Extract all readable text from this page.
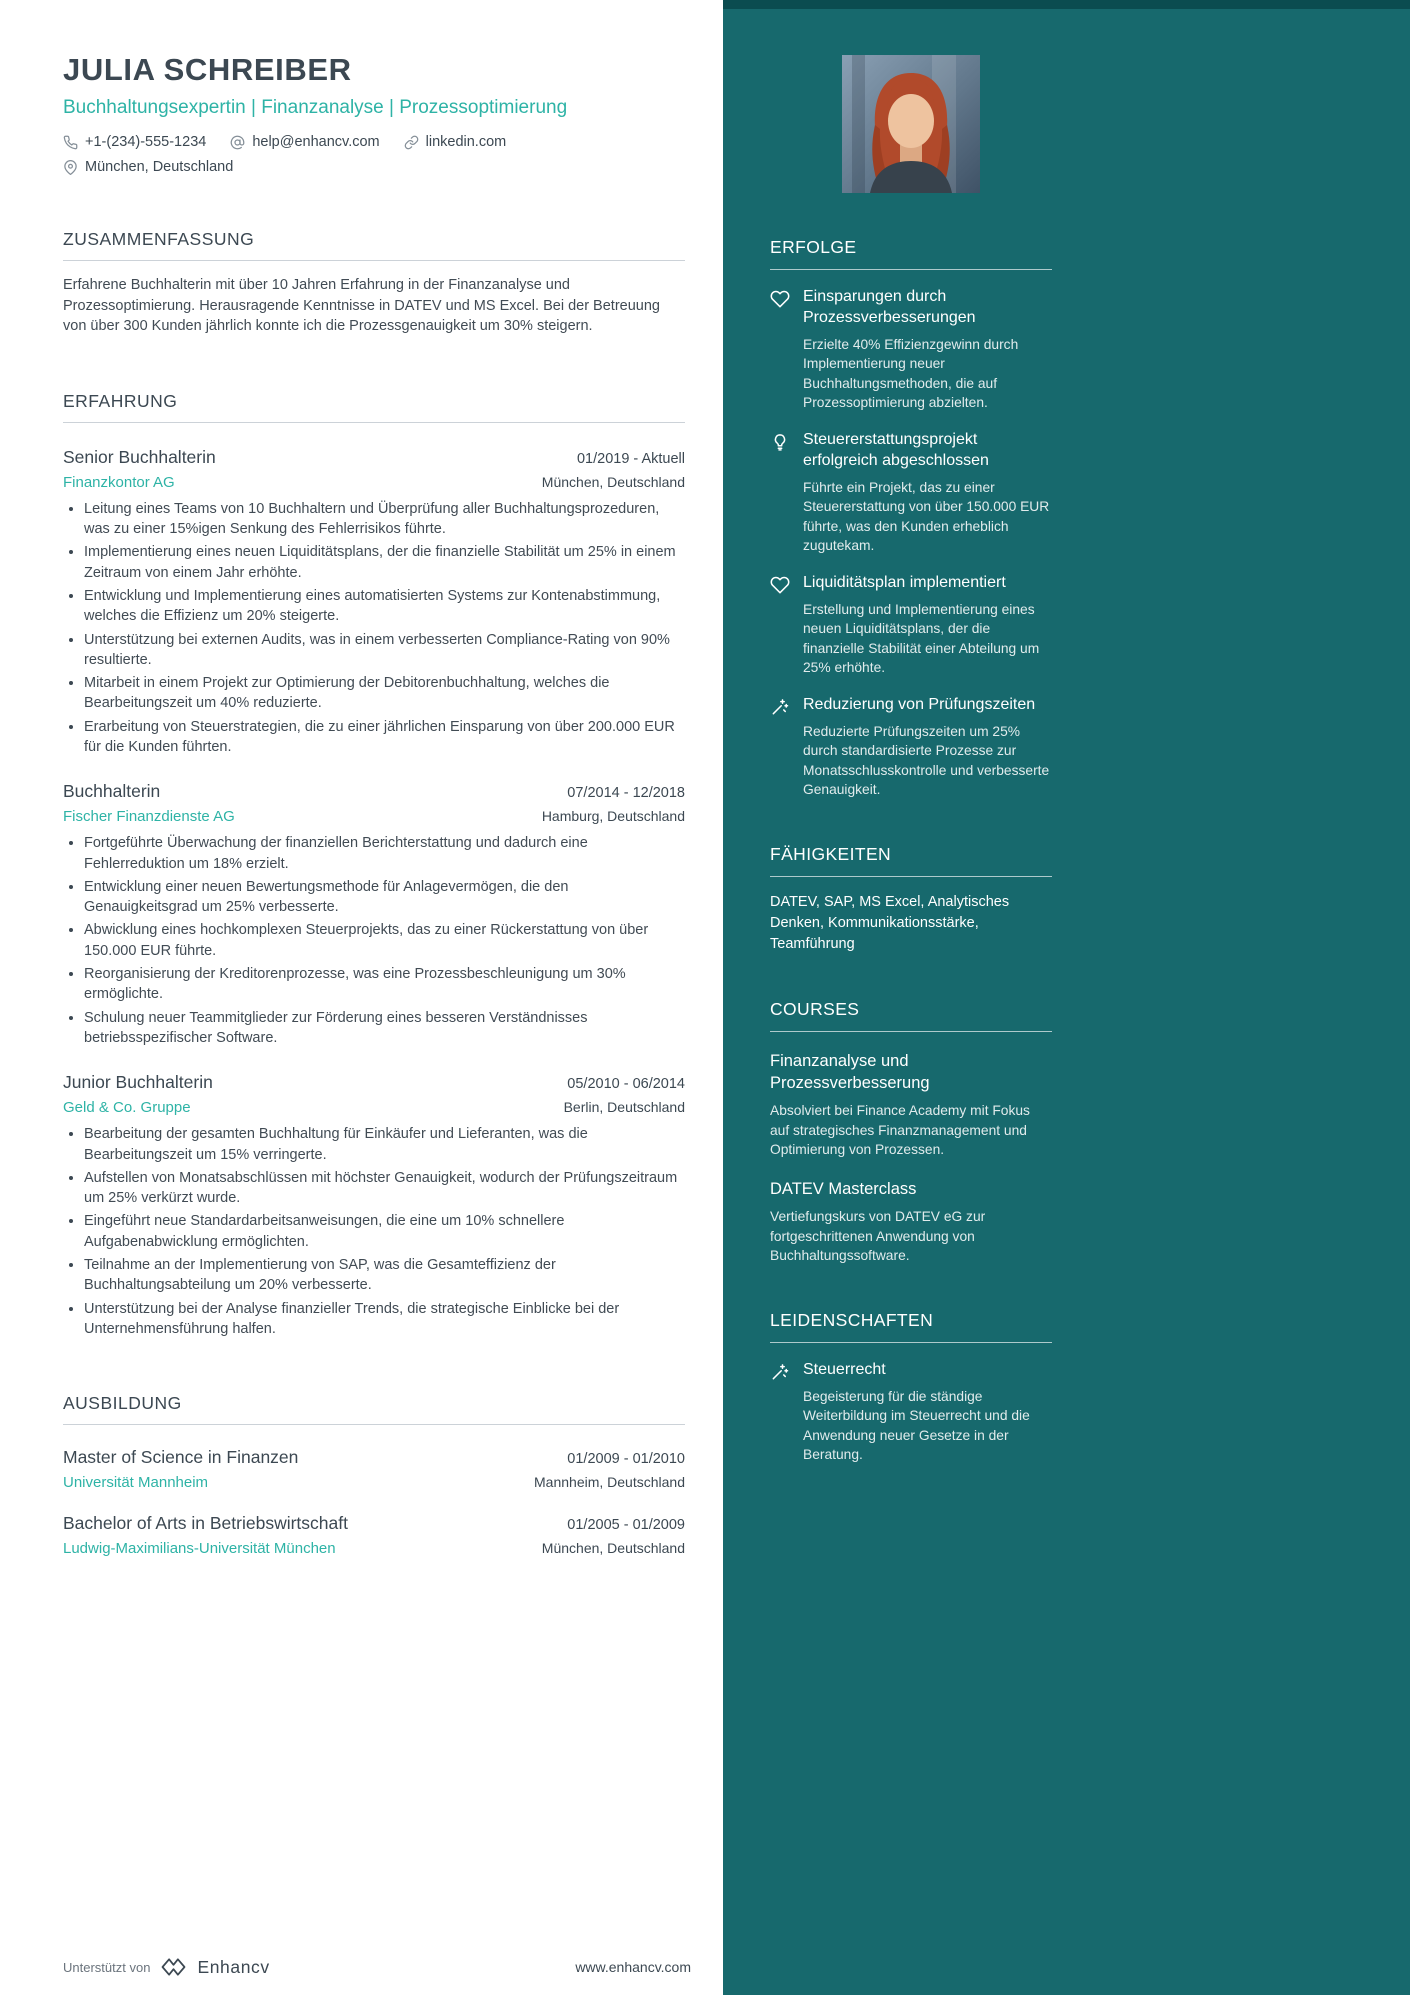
ERFOLGE
Einsparungen durch Prozessverbesserungen
Erzielte 40% Effizienzgewinn durch Implementierung neuer Buchhaltungsmethoden, die auf Prozessoptimierung abzielten.
Steuererstattungsprojekt erfolgreich abgeschlossen
Führte ein Projekt, das zu einer Steuererstattung von über 150.000 EUR führte, was den Kunden erheblich zugutekam.
Liquiditätsplan implementiert
Erstellung und Implementierung eines neuen Liquiditätsplans, der die finanzielle Stabilität einer Abteilung um 25% erhöhte.
Reduzierung von Prüfungszeiten
Reduzierte Prüfungszeiten um 25% durch standardisierte Prozesse zur Monatsschlusskontrolle und verbesserte Genauigkeit.
FÄHIGKEITEN
DATEV, SAP, MS Excel, Analytisches Denken, Kommunikationsstärke, Teamführung
COURSES
Finanzanalyse und Prozessverbesserung
Absolviert bei Finance Academy mit Fokus auf strategisches Finanzmanagement und Optimierung von Prozessen.
DATEV Masterclass
Vertiefungskurs von DATEV eG zur fortgeschrittenen Anwendung von Buchhaltungssoftware.
LEIDENSCHAFTEN
Steuerrecht
Begeisterung für die ständige Weiterbildung im Steuerrecht und die Anwendung neuer Gesetze in der Beratung.
JULIA SCHREIBER
Buchhaltungsexpertin | Finanzanalyse | Prozessoptimierung
+1-(234)-555-1234	help@enhancv.com	linkedin.com
München, Deutschland
ZUSAMMENFASSUNG

Erfahrene Buchhalterin mit über 10 Jahren Erfahrung in der Finanzanalyse und Prozessoptimierung. Herausragende Kenntnisse in DATEV und MS Excel. Bei der Betreuung von über 300 Kunden jährlich konnte ich die Prozessgenauigkeit um 30% steigern.

ERFAHRUNG
Senior Buchhalterin	01/2019 - Aktuell
Finanzkontor AG	München, Deutschland
• Leitung eines Teams von 10 Buchhaltern und Überprüfung aller Buchhaltungsprozeduren, was zu einer 15%igen Senkung des Fehlerrisikos führte.
• Implementierung eines neuen Liquiditätsplans, der die finanzielle Stabilität um 25% in einem Zeitraum von einem Jahr erhöhte.
• Entwicklung und Implementierung eines automatisierten Systems zur Kontenabstimmung, welches die Effizienz um 20% steigerte.
• Unterstützung bei externen Audits, was in einem verbesserten Compliance-Rating von 90% resultierte.
• Mitarbeit in einem Projekt zur Optimierung der Debitorenbuchhaltung, welches die Bearbeitungszeit um 40% reduzierte.
• Erarbeitung von Steuerstrategien, die zu einer jährlichen Einsparung von über 200.000 EUR für die Kunden führten.
Buchhalterin	07/2014 - 12/2018
Fischer Finanzdienste AG	Hamburg, Deutschland
• Fortgeführte Überwachung der finanziellen Berichterstattung und dadurch eine Fehlerreduktion um 18% erzielt.
• Entwicklung einer neuen Bewertungsmethode für Anlagevermögen, die den Genauigkeitsgrad um 25% verbesserte.
• Abwicklung eines hochkomplexen Steuerprojekts, das zu einer Rückerstattung von über 150.000 EUR führte.
• Reorganisierung der Kreditorenprozesse, was eine Prozessbeschleunigung um 30% ermöglichte.
• Schulung neuer Teammitglieder zur Förderung eines besseren Verständnisses betriebsspezifischer Software.
Junior Buchhalterin	05/2010 - 06/2014
Geld & Co. Gruppe	Berlin, Deutschland
• Bearbeitung der gesamten Buchhaltung für Einkäufer und Lieferanten, was die Bearbeitungszeit um 15% verringerte.
• Aufstellen von Monatsabschlüssen mit höchster Genauigkeit, wodurch der Prüfungszeitraum um 25% verkürzt wurde.
• Eingeführt neue Standardarbeitsanweisungen, die eine um 10% schnellere Aufgabenabwicklung ermöglichten.
• Teilnahme an der Implementierung von SAP, was die Gesamteffizienz der Buchhaltungsabteilung um 20% verbesserte.
• Unterstützung bei der Analyse finanzieller Trends, die strategische Einblicke bei der Unternehmensführung halfen.
AUSBILDUNG
Master of Science in Finanzen	01/2009 - 01/2010
Universität Mannheim	Mannheim, Deutschland
Bachelor of Arts in Betriebswirtschaft	01/2005 - 01/2009
Ludwig-Maximilians-Universität München	München, Deutschland
Unterstützt von	Enhancv	www.enhancv.com
